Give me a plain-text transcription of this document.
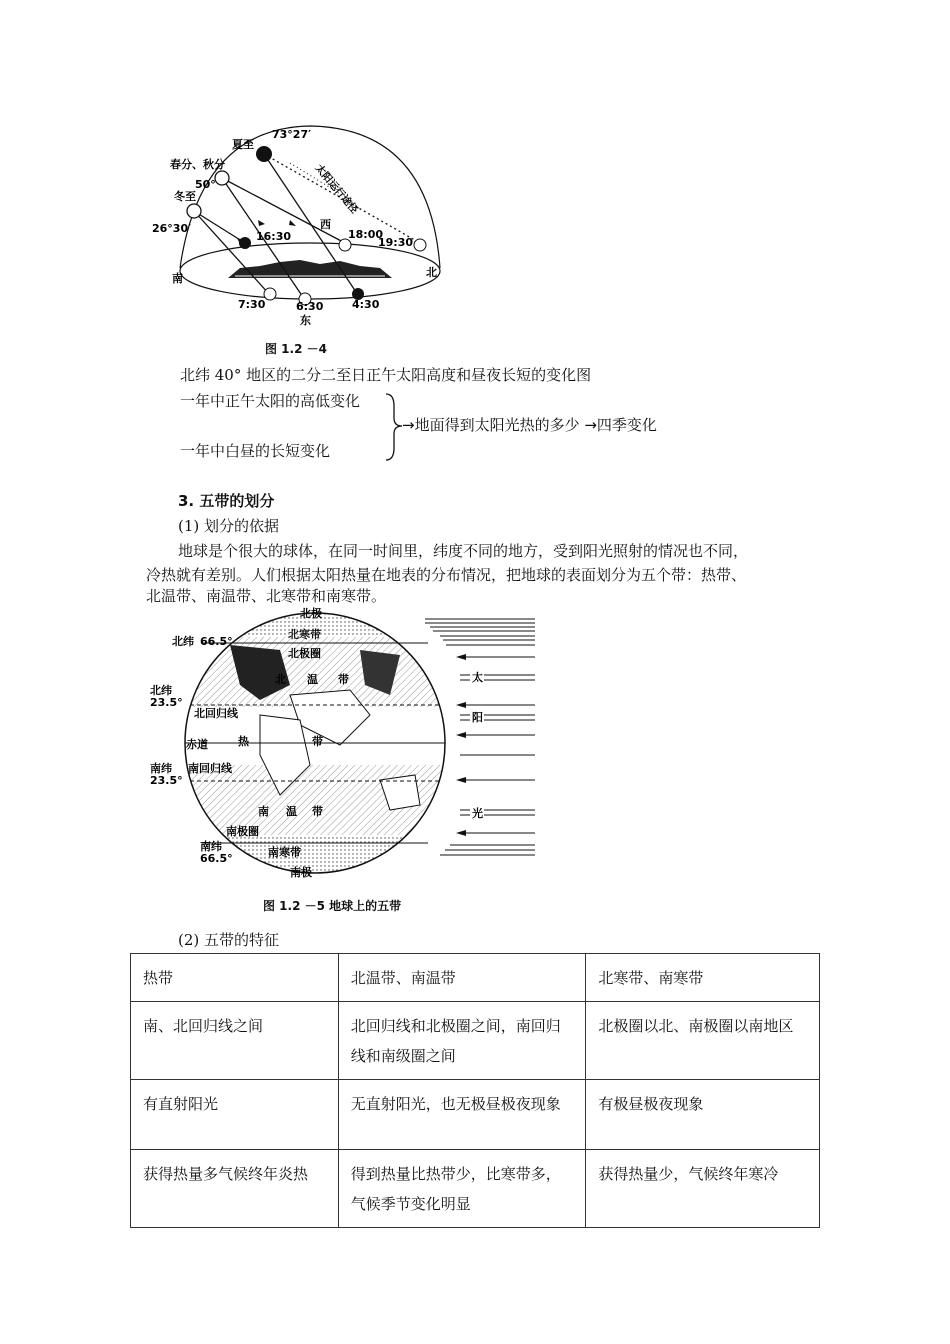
夏至
73°27′
春分、秋分
50°
冬至
26°30′	西
16:30	18:00
19:30
南	北
7:30	6:30	4:30
东
太阳运行途径
图 1.2 －4
北纬 40° 地区的二分二至日正午太阳高度和昼夜长短的变化图
一年中正午太阳的高低变化
一年中白昼的长短变化
→地面得到太阳光热的多少 →四季变化
3. 五带的划分
(1) 划分的依据
地球是个很大的球体，在同一时间里，纬度不同的地方，受到阳光照射的情况也不同，
冷热就有差别。人们根据太阳热量在地表的分布情况，把地球的表面划分为五个带：热带、
北温带、南温带、北寒带和南寒带。
北极
北寒带
北极圈
北 温 带
北回归线
赤道	热	带
南回归线
南 温 带
南极圈
南寒带
南极
北纬 66.5°
北纬
23.5°
南纬
23.5°
南纬
66.5°
太
阳
光
图 1.2 －5 地球上的五带
(2) 五带的特征
热带	北温带、南温带	北寒带、南寒带
南、北回归线之间	北回归线和北极圈之间，南回归线和南级圈之间	北极圈以北、南极圈以南地区
有直射阳光	无直射阳光，也无极昼极夜现象	有极昼极夜现象
获得热量多气候终年炎热	得到热量比热带少，比寒带多，气候季节变化明显	获得热量少，气候终年寒冷
